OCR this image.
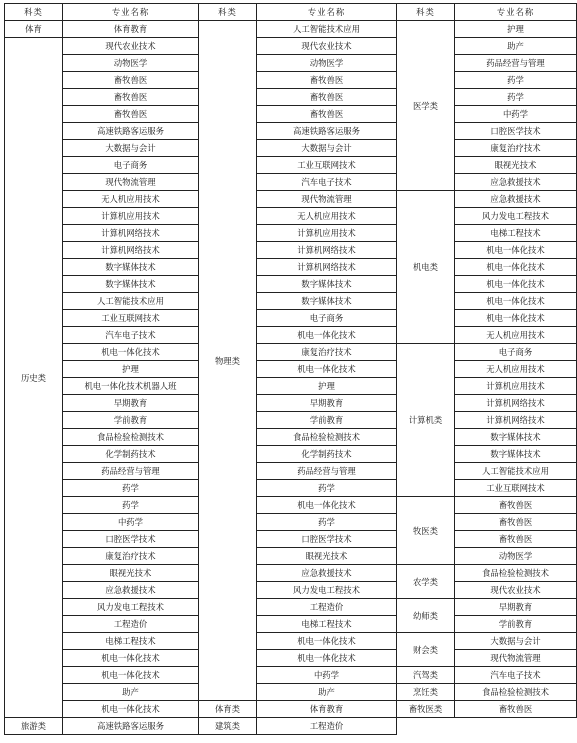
科类	专业名称	科类	专业名称	科类	专业名称
体育	体育教育	物理类	人工智能技术应用	医学类	护理
历史类	现代农业技术		现代农业技术		助产
	动物医学		动物医学		药品经营与管理
	畜牧兽医		畜牧兽医		药学
	畜牧兽医		畜牧兽医		药学
	畜牧兽医		畜牧兽医		中药学
	高速铁路客运服务		高速铁路客运服务		口腔医学技术
	大数据与会计		大数据与会计		康复治疗技术
	电子商务		工业互联网技术		眼视光技术
	现代物流管理		汽车电子技术		应急救援技术
	无人机应用技术		现代物流管理	机电类	应急救援技术
	计算机应用技术		无人机应用技术		风力发电工程技术
	计算机网络技术		计算机应用技术		电梯工程技术
	计算机网络技术		计算机网络技术		机电一体化技术
	数字媒体技术		计算机网络技术		机电一体化技术
	数字媒体技术		数字媒体技术		机电一体化技术
	人工智能技术应用		数字媒体技术		机电一体化技术
	工业互联网技术		电子商务		机电一体化技术
	汽车电子技术		机电一体化技术		无人机应用技术
	机电一体化技术		康复治疗技术	计算机类	电子商务
	护理		机电一体化技术		无人机应用技术
	机电一体化技术机器人班		护理		计算机应用技术
	早期教育		早期教育		计算机网络技术
	学前教育		学前教育		计算机网络技术
	食品检验检测技术		食品检验检测技术		数字媒体技术
	化学制药技术		化学制药技术		数字媒体技术
	药品经营与管理		药品经营与管理		人工智能技术应用
	药学		药学		工业互联网技术
	药学		机电一体化技术	牧医类	畜牧兽医
	中药学		药学		畜牧兽医
	口腔医学技术		口腔医学技术		畜牧兽医
	康复治疗技术		眼视光技术		动物医学
	眼视光技术		应急救援技术	农学类	食品检验检测技术
	应急救援技术		风力发电工程技术		现代农业技术
	风力发电工程技术		工程造价	幼师类	早期教育
	工程造价		电梯工程技术		学前教育
	电梯工程技术		机电一体化技术	财会类	大数据与会计
	机电一体化技术		机电一体化技术		现代物流管理
	机电一体化技术		中药学	汽驾类	汽车电子技术
	助产		助产	烹饪类	食品检验检测技术
	机电一体化技术	体育类	体育教育	畜牧医类	畜牧兽医
旅游类	高速铁路客运服务	建筑类	工程造价		
